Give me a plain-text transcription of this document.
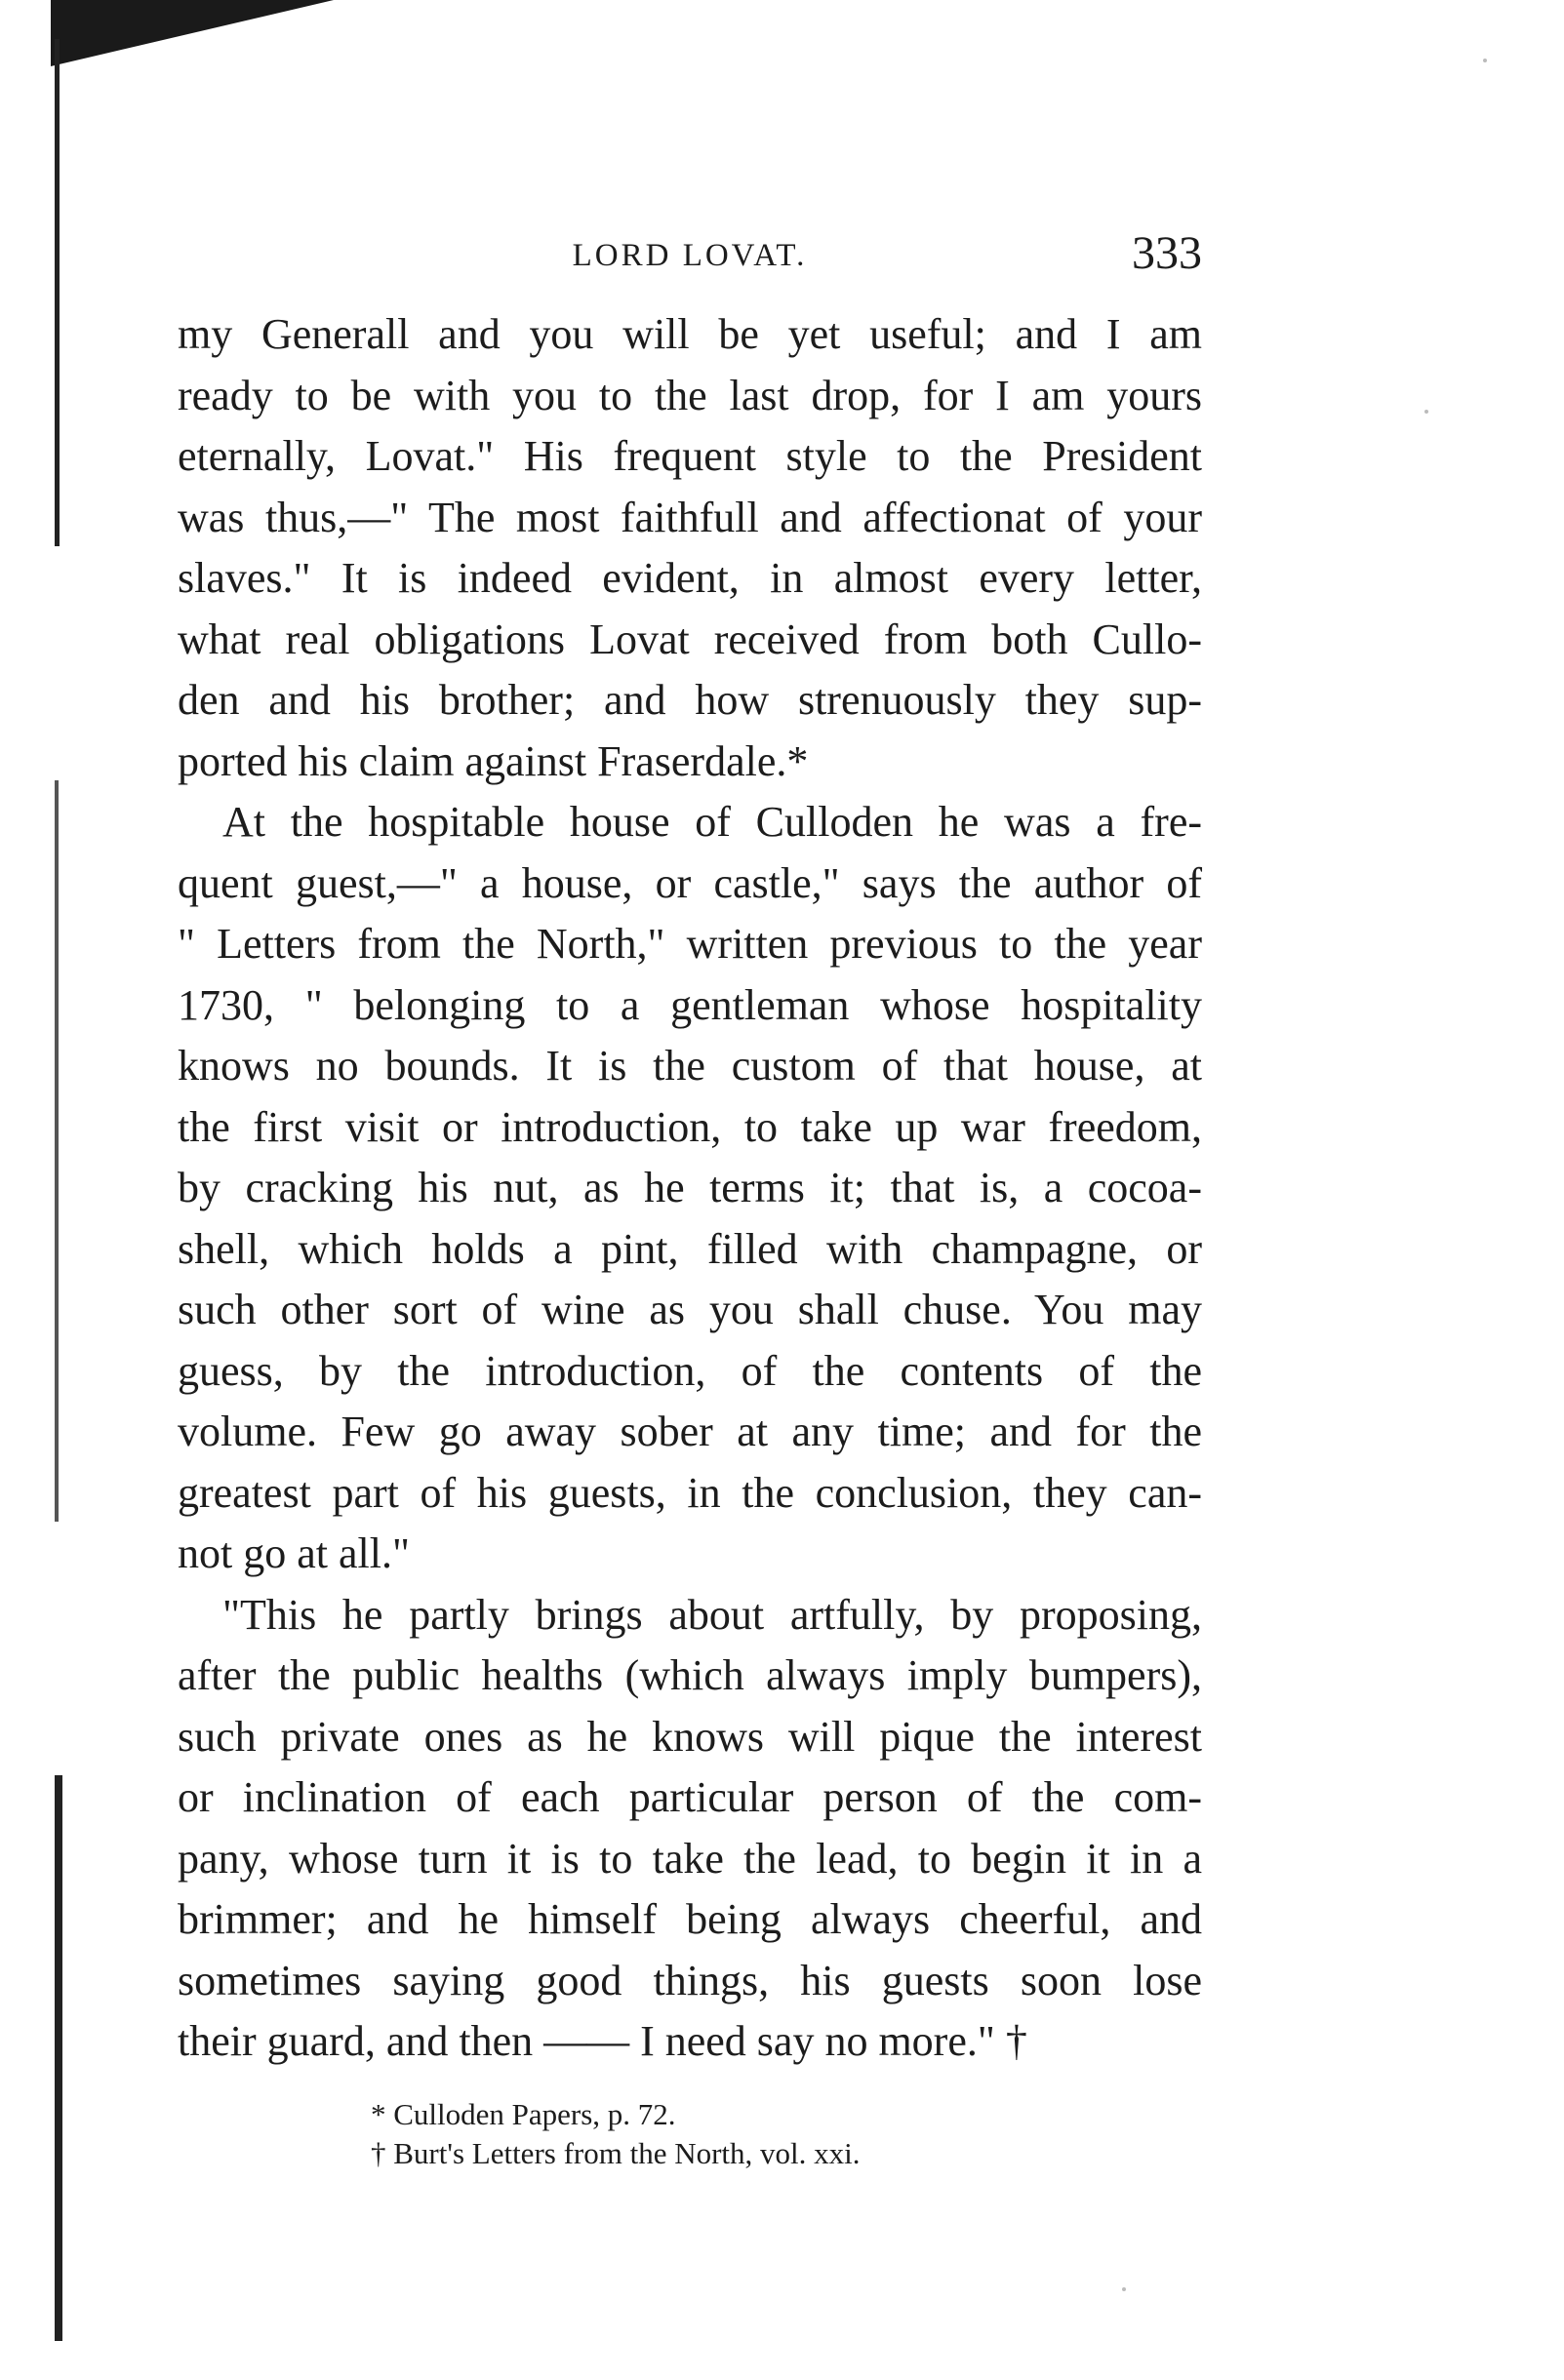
LORD LOVAT.	333
my Generall and you will be yet useful; and I am
ready to be with you to the last drop, for I am yours
eternally, Lovat." His frequent style to the President
was thus,—" The most faithfull and affectionat of your
slaves." It is indeed evident, in almost every letter,
what real obligations Lovat received from both Cullo-
den and his brother; and how strenuously they sup-
ported his claim against Fraserdale.*
At the hospitable house of Culloden he was a fre-
quent guest,—" a house, or castle," says the author of
" Letters from the North," written previous to the year
1730, " belonging to a gentleman whose hospitality
knows no bounds. It is the custom of that house, at
the first visit or introduction, to take up war freedom,
by cracking his nut, as he terms it; that is, a cocoa-
shell, which holds a pint, filled with champagne, or
such other sort of wine as you shall chuse. You may
guess, by the introduction, of the contents of the
volume. Few go away sober at any time; and for the
greatest part of his guests, in the conclusion, they can-
not go at all."
"This he partly brings about artfully, by proposing,
after the public healths (which always imply bumpers),
such private ones as he knows will pique the interest
or inclination of each particular person of the com-
pany, whose turn it is to take the lead, to begin it in a
brimmer; and he himself being always cheerful, and
sometimes saying good things, his guests soon lose
their guard, and then —— I need say no more." †
* Culloden Papers, p. 72.
† Burt's Letters from the North, vol. xxi.
